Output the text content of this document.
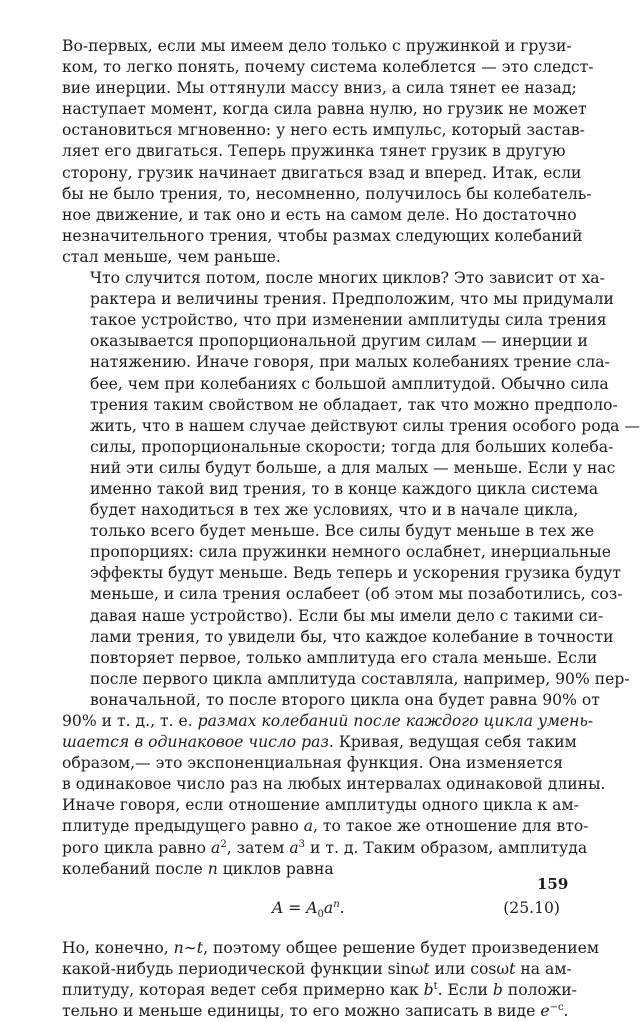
Во-первых, если мы имеем дело только с пружинкой и грузи-
ком, то легко понять, почему система колеблется — это следст-
вие инерции. Мы оттянули массу вниз, а сила тянет ее назад;
наступает момент, когда сила равна нулю, но грузик не может
остановиться мгновенно: у него есть импульс, который застав-
ляет его двигаться. Теперь пружинка тянет грузик в другую
сторону, грузик начинает двигаться взад и вперед. Итак, если
бы не было трения, то, несомненно, получилось бы колебатель-
ное движение, и так оно и есть на самом деле. Но достаточно
незначительного трения, чтобы размах следующих колебаний
стал меньше, чем раньше.

Что случится потом, после многих циклов? Это зависит от ха-
рактера и величины трения. Предположим, что мы придумали
такое устройство, что при изменении амплитуды сила трения
оказывается пропорциональной другим силам — инерции и
натяжению. Иначе говоря, при малых колебаниях трение сла-
бее, чем при колебаниях с большой амплитудой. Обычно сила
трения таким свойством не обладает, так что можно предполо-
жить, что в нашем случае действуют силы трения особого рода —
силы, пропорциональные скорости; тогда для больших колеба-
ний эти силы будут больше, а для малых — меньше. Если у нас
именно такой вид трения, то в конце каждого цикла система
будет находиться в тех же условиях, что и в начале цикла,
только всего будет меньше. Все силы будут меньше в тех же
пропорциях: сила пружинки немного ослабнет, инерциальные
эффекты будут меньше. Ведь теперь и ускорения грузика будут
меньше, и сила трения ослабеет (об этом мы позаботились, соз-
давая наше устройство). Если бы мы имели дело с такими си-
лами трения, то увидели бы, что каждое колебание в точности
повторяет первое, только амплитуда его стала меньше. Если
после первого цикла амплитуда составляла, например, 90% пер-
воначальной, то после второго цикла она будет равна 90% от

90% и т. д., т. е. размах колебаний после каждого цикла умень-
шается в одинаковое число раз. Кривая, ведущая себя таким

образом,— это экспоненциальная функция. Она изменяется
в одинаковое число раз на любых интервалах одинаковой длины.
Иначе говоря, если отношение амплитуды одного цикла к ам-

плитуде предыдущего равно a, то такое же отношение для вто-
рого цикла равно $a^2$, затем $a^3$ и т. д. Таким образом, амплитуда
колебаний после n циклов равна

$A = A_0a^n$.	(25.10)

Но, конечно, n∼t, поэтому общее решение будет произведением
какой-нибудь периодической функции sinωt или cosωt на ам-
плитуду, которая ведет себя примерно как $b^t$. Если b положи-
тельно и меньше единицы, то его можно записать в виде $e^{-c}$.

159
